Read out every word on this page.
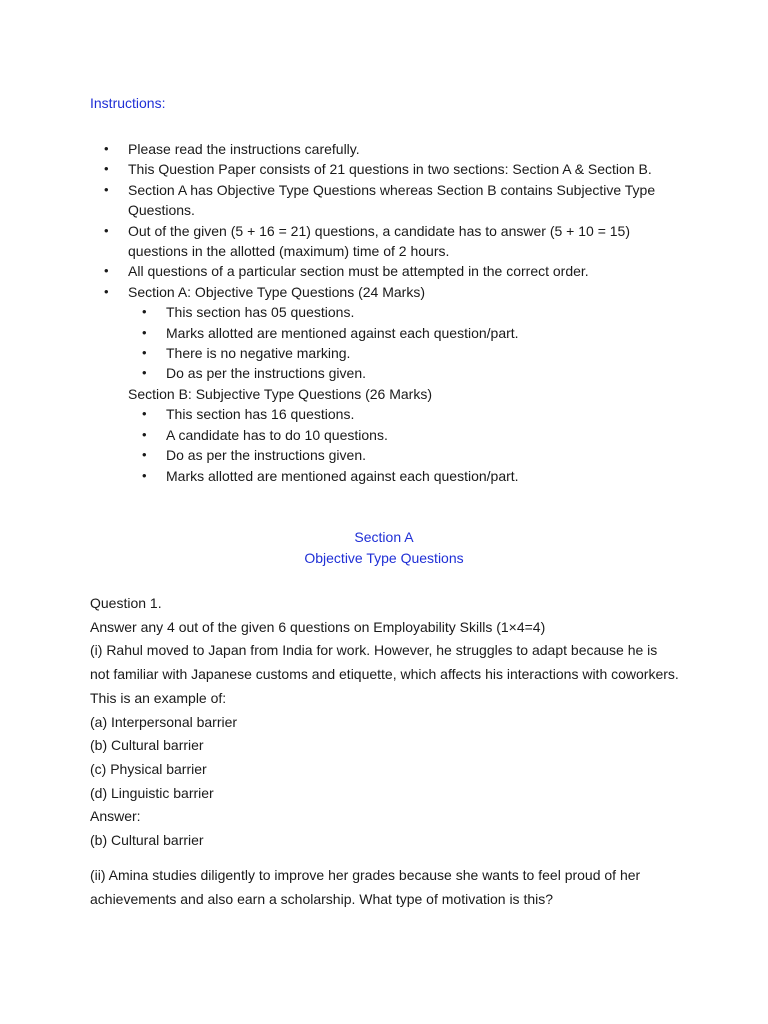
Instructions:
• Please read the instructions carefully.
• This Question Paper consists of 21 questions in two sections: Section A & Section B.
• Section A has Objective Type Questions whereas Section B contains Subjective Type Questions.
• Out of the given (5 + 16 = 21) questions, a candidate has to answer (5 + 10 = 15) questions in the allotted (maximum) time of 2 hours.
• All questions of a particular section must be attempted in the correct order.
• Section A: Objective Type Questions (24 Marks)
• This section has 05 questions.
• Marks allotted are mentioned against each question/part.
• There is no negative marking.
• Do as per the instructions given.
Section B: Subjective Type Questions (26 Marks)
• This section has 16 questions.
• A candidate has to do 10 questions.
• Do as per the instructions given.
• Marks allotted are mentioned against each question/part.
Section A
Objective Type Questions
Question 1.
Answer any 4 out of the given 6 questions on Employability Skills (1×4=4)
(i) Rahul moved to Japan from India for work. However, he struggles to adapt because he is not familiar with Japanese customs and etiquette, which affects his interactions with coworkers. This is an example of:
(a) Interpersonal barrier
(b) Cultural barrier
(c) Physical barrier
(d) Linguistic barrier
Answer:
(b) Cultural barrier
(ii) Amina studies diligently to improve her grades because she wants to feel proud of her achievements and also earn a scholarship. What type of motivation is this?
